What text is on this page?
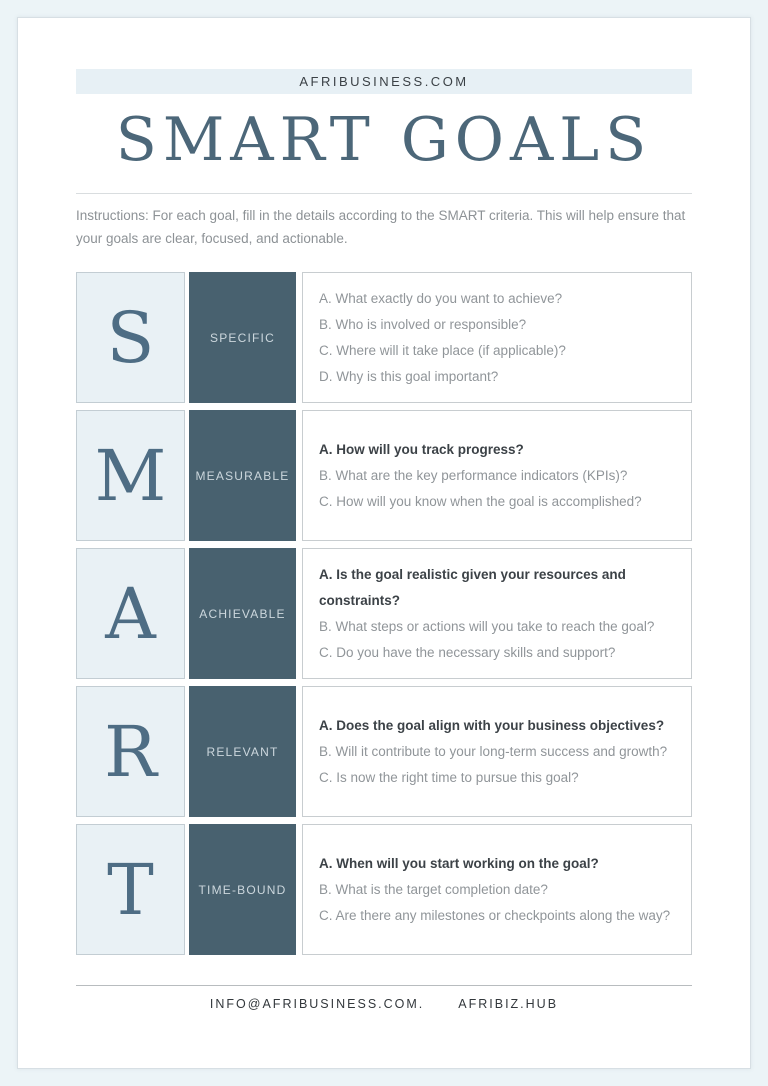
AFRIBUSINESS.COM
SMART GOALS

Instructions: For each goal, fill in the details according to the SMART criteria. This will help ensure that your goals are clear, focused, and actionable.

S	SPECIFIC
A. What exactly do you want to achieve?
B. Who is involved or responsible?
C. Where will it take place (if applicable)?
D. Why is this goal important?
M MEASURABLE
A. How will you track progress?
B. What are the key performance indicators (KPIs)?
C. How will you know when the goal is accomplished?
A	ACHIEVABLE
A. Is the goal realistic given your resources and constraints?
B. What steps or actions will you take to reach the goal?
C. Do you have the necessary skills and support?
R	RELEVANT
A. Does the goal align with your business objectives?
B. Will it contribute to your long-term success and growth?
C. Is now the right time to pursue this goal?
T	TIME-BOUND
A. When will you start working on the goal?
B. What is the target completion date?
C. Are there any milestones or checkpoints along the way?
INFO@AFRIBUSINESS.COM.	AFRIBIZ.HUB
